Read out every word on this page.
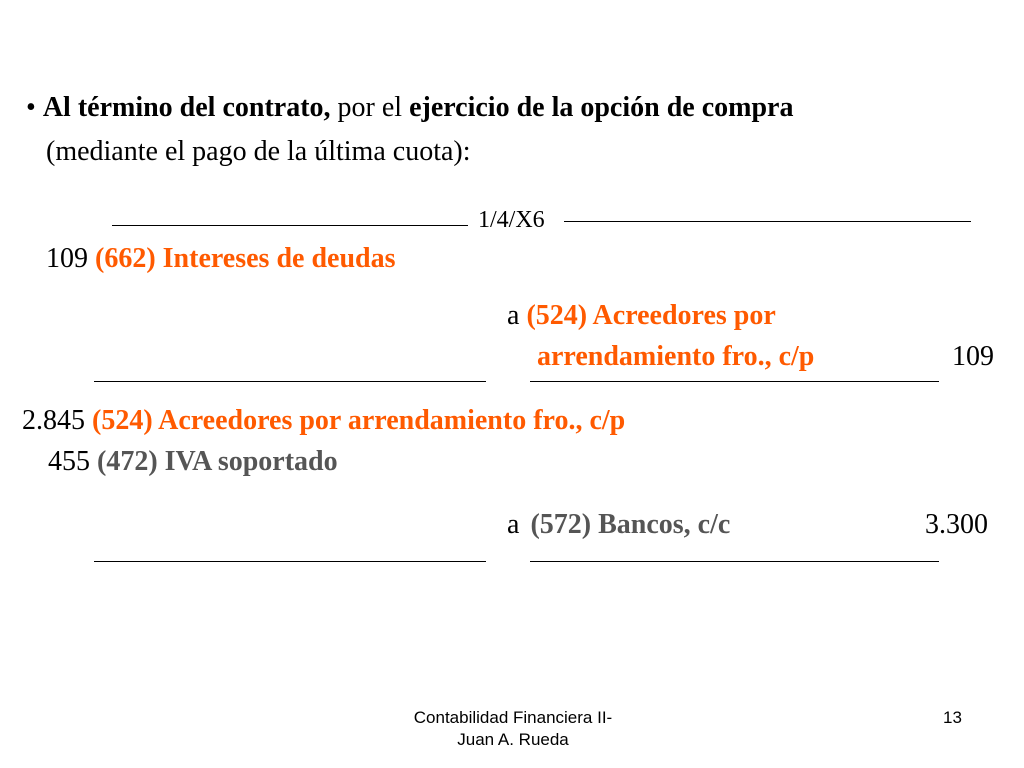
• Al término del contrato, por el ejercicio de la opción de compra
(mediante el pago de la última cuota):
1/4/X6
109 (662) Intereses de deudas
a (524) Acreedores por
arrendamiento fro., c/p	109
2.845 (524) Acreedores por arrendamiento fro., c/p
455 (472) IVA soportado
a (572) Bancos, c/c	3.300
Contabilidad Financiera II-
Juan A. Rueda
13
